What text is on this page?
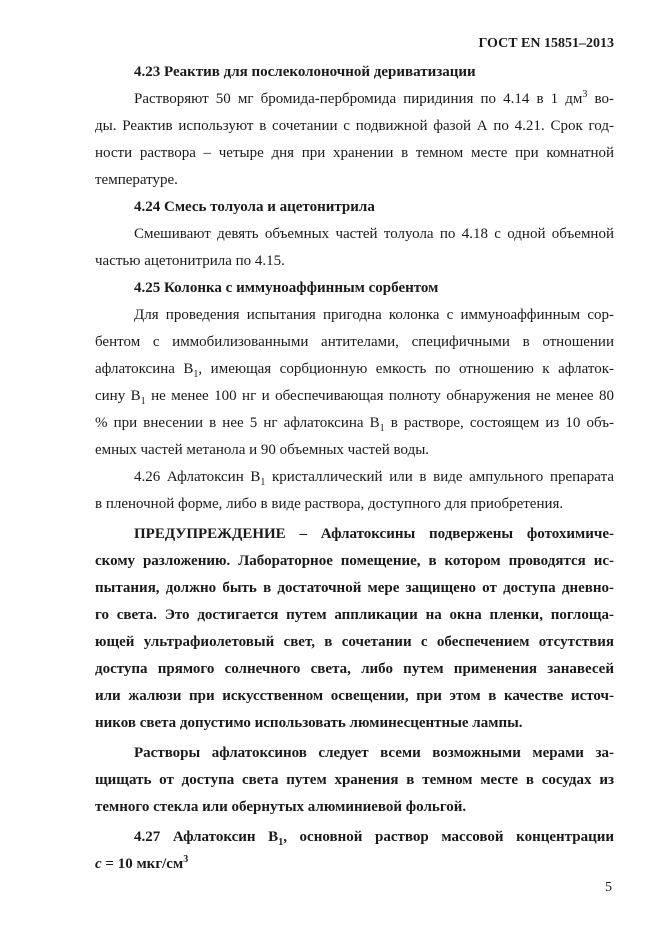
ГОСТ EN 15851–2013

4.23 Реактив для послеколоночной дериватизации

Растворяют 50 мг бромида-пербромида пиридиния по 4.14 в 1 $дм^3$ во-

ды. Реактив используют в сочетании с подвижной фазой А по 4.21. Срок год-

ности раствора – четыре дня при хранении в темном месте при комнатной

температуре.

4.24 Смесь толуола и ацетонитрила

Смешивают девять объемных частей толуола по 4.18 с одной объемной

частью ацетонитрила по 4.15.

4.25 Колонка с иммуноаффинным сорбентом

Для проведения испытания пригодна колонка с иммуноаффинным сор-

бентом с иммобилизованными антителами, специфичными в отношении

афлатоксина $B_1$, имеющая сорбционную емкость по отношению к афлаток-

сину $B_1$ не менее 100 нг и обеспечивающая полноту обнаружения не менее 80

% при внесении в нее 5 нг афлатоксина $B_1$ в растворе, состоящем из 10 объ-

емных частей метанола и 90 объемных частей воды.

4.26 Афлатоксин $B_1$ кристаллический или в виде ампульного препарата

в пленочной форме, либо в виде раствора, доступного для приобретения.

ПРЕДУПРЕЖДЕНИЕ – Афлатоксины подвержены фотохимиче-

скому разложению. Лабораторное помещение, в котором проводятся ис-

пытания, должно быть в достаточной мере защищено от доступа дневно-

го света. Это достигается путем аппликации на окна пленки, поглоща-

ющей ультрафиолетовый свет, в сочетании с обеспечением отсутствия

доступа прямого солнечного света, либо путем применения занавесей

или жалюзи при искусственном освещении, при этом в качестве источ-

ников света допустимо использовать люминесцентные лампы.

Растворы афлатоксинов следует всеми возможными мерами за-

щищать от доступа света путем хранения в темном месте в сосудах из

темного стекла или обернутых алюминиевой фольгой.

4.27 Афлатоксин $B_1$, основной раствор массовой концентрации

с = 10 мкг/$см^3$

5
